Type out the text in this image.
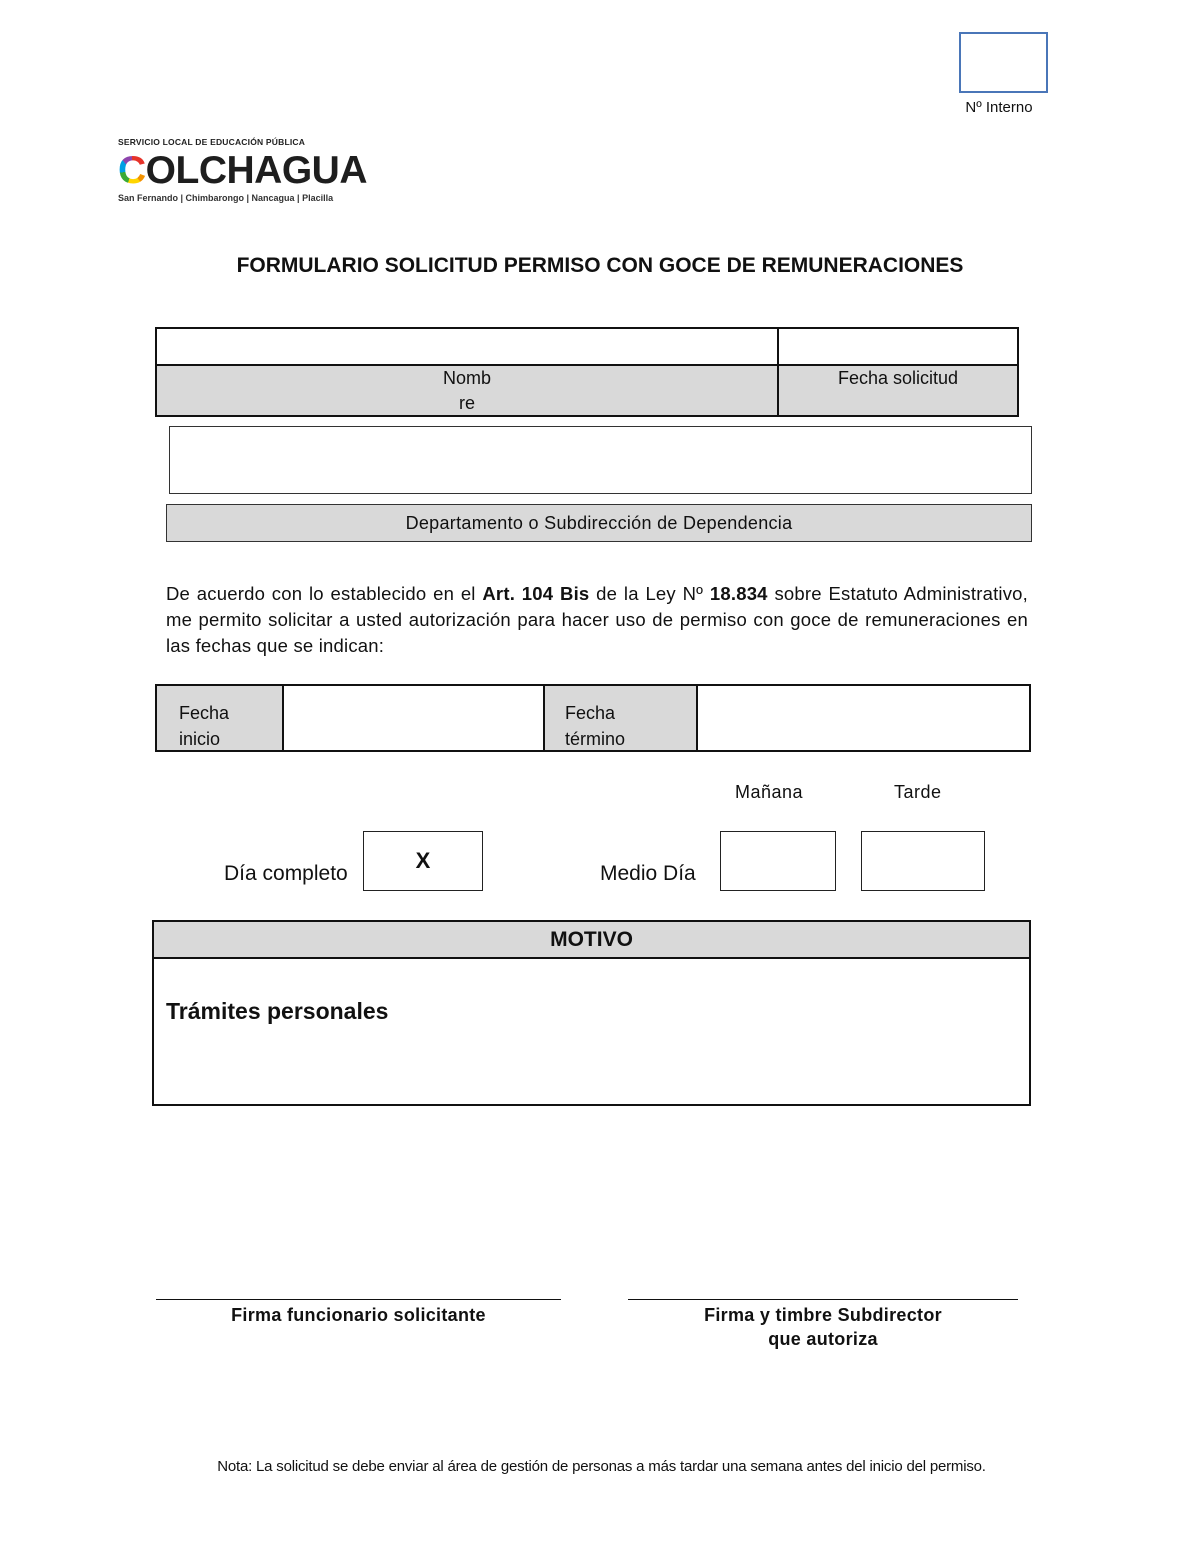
Nº Interno
SERVICIO LOCAL DE EDUCACIÓN PÚBLICA
COLCHAGUA
San Fernando | Chimbarongo | Nancagua | Placilla
FORMULARIO SOLICITUD PERMISO CON GOCE DE REMUNERACIONES
Nomb
re
Fecha solicitud
Departamento o Subdirección de Dependencia
De acuerdo con lo establecido en el Art. 104 Bis de la Ley Nº 18.834 sobre Estatuto Administrativo, me permito solicitar a usted autorización para hacer uso de permiso con goce de remuneraciones en las fechas que se indican:
Fecha
inicio
Fecha
término
Mañana	Tarde
Día completo
X
Medio Día
MOTIVO
Trámites personales
Firma funcionario solicitante	Firma y timbre Subdirector
que autoriza
Nota: La solicitud se debe enviar al área de gestión de personas a más tardar una semana antes del inicio del permiso.
